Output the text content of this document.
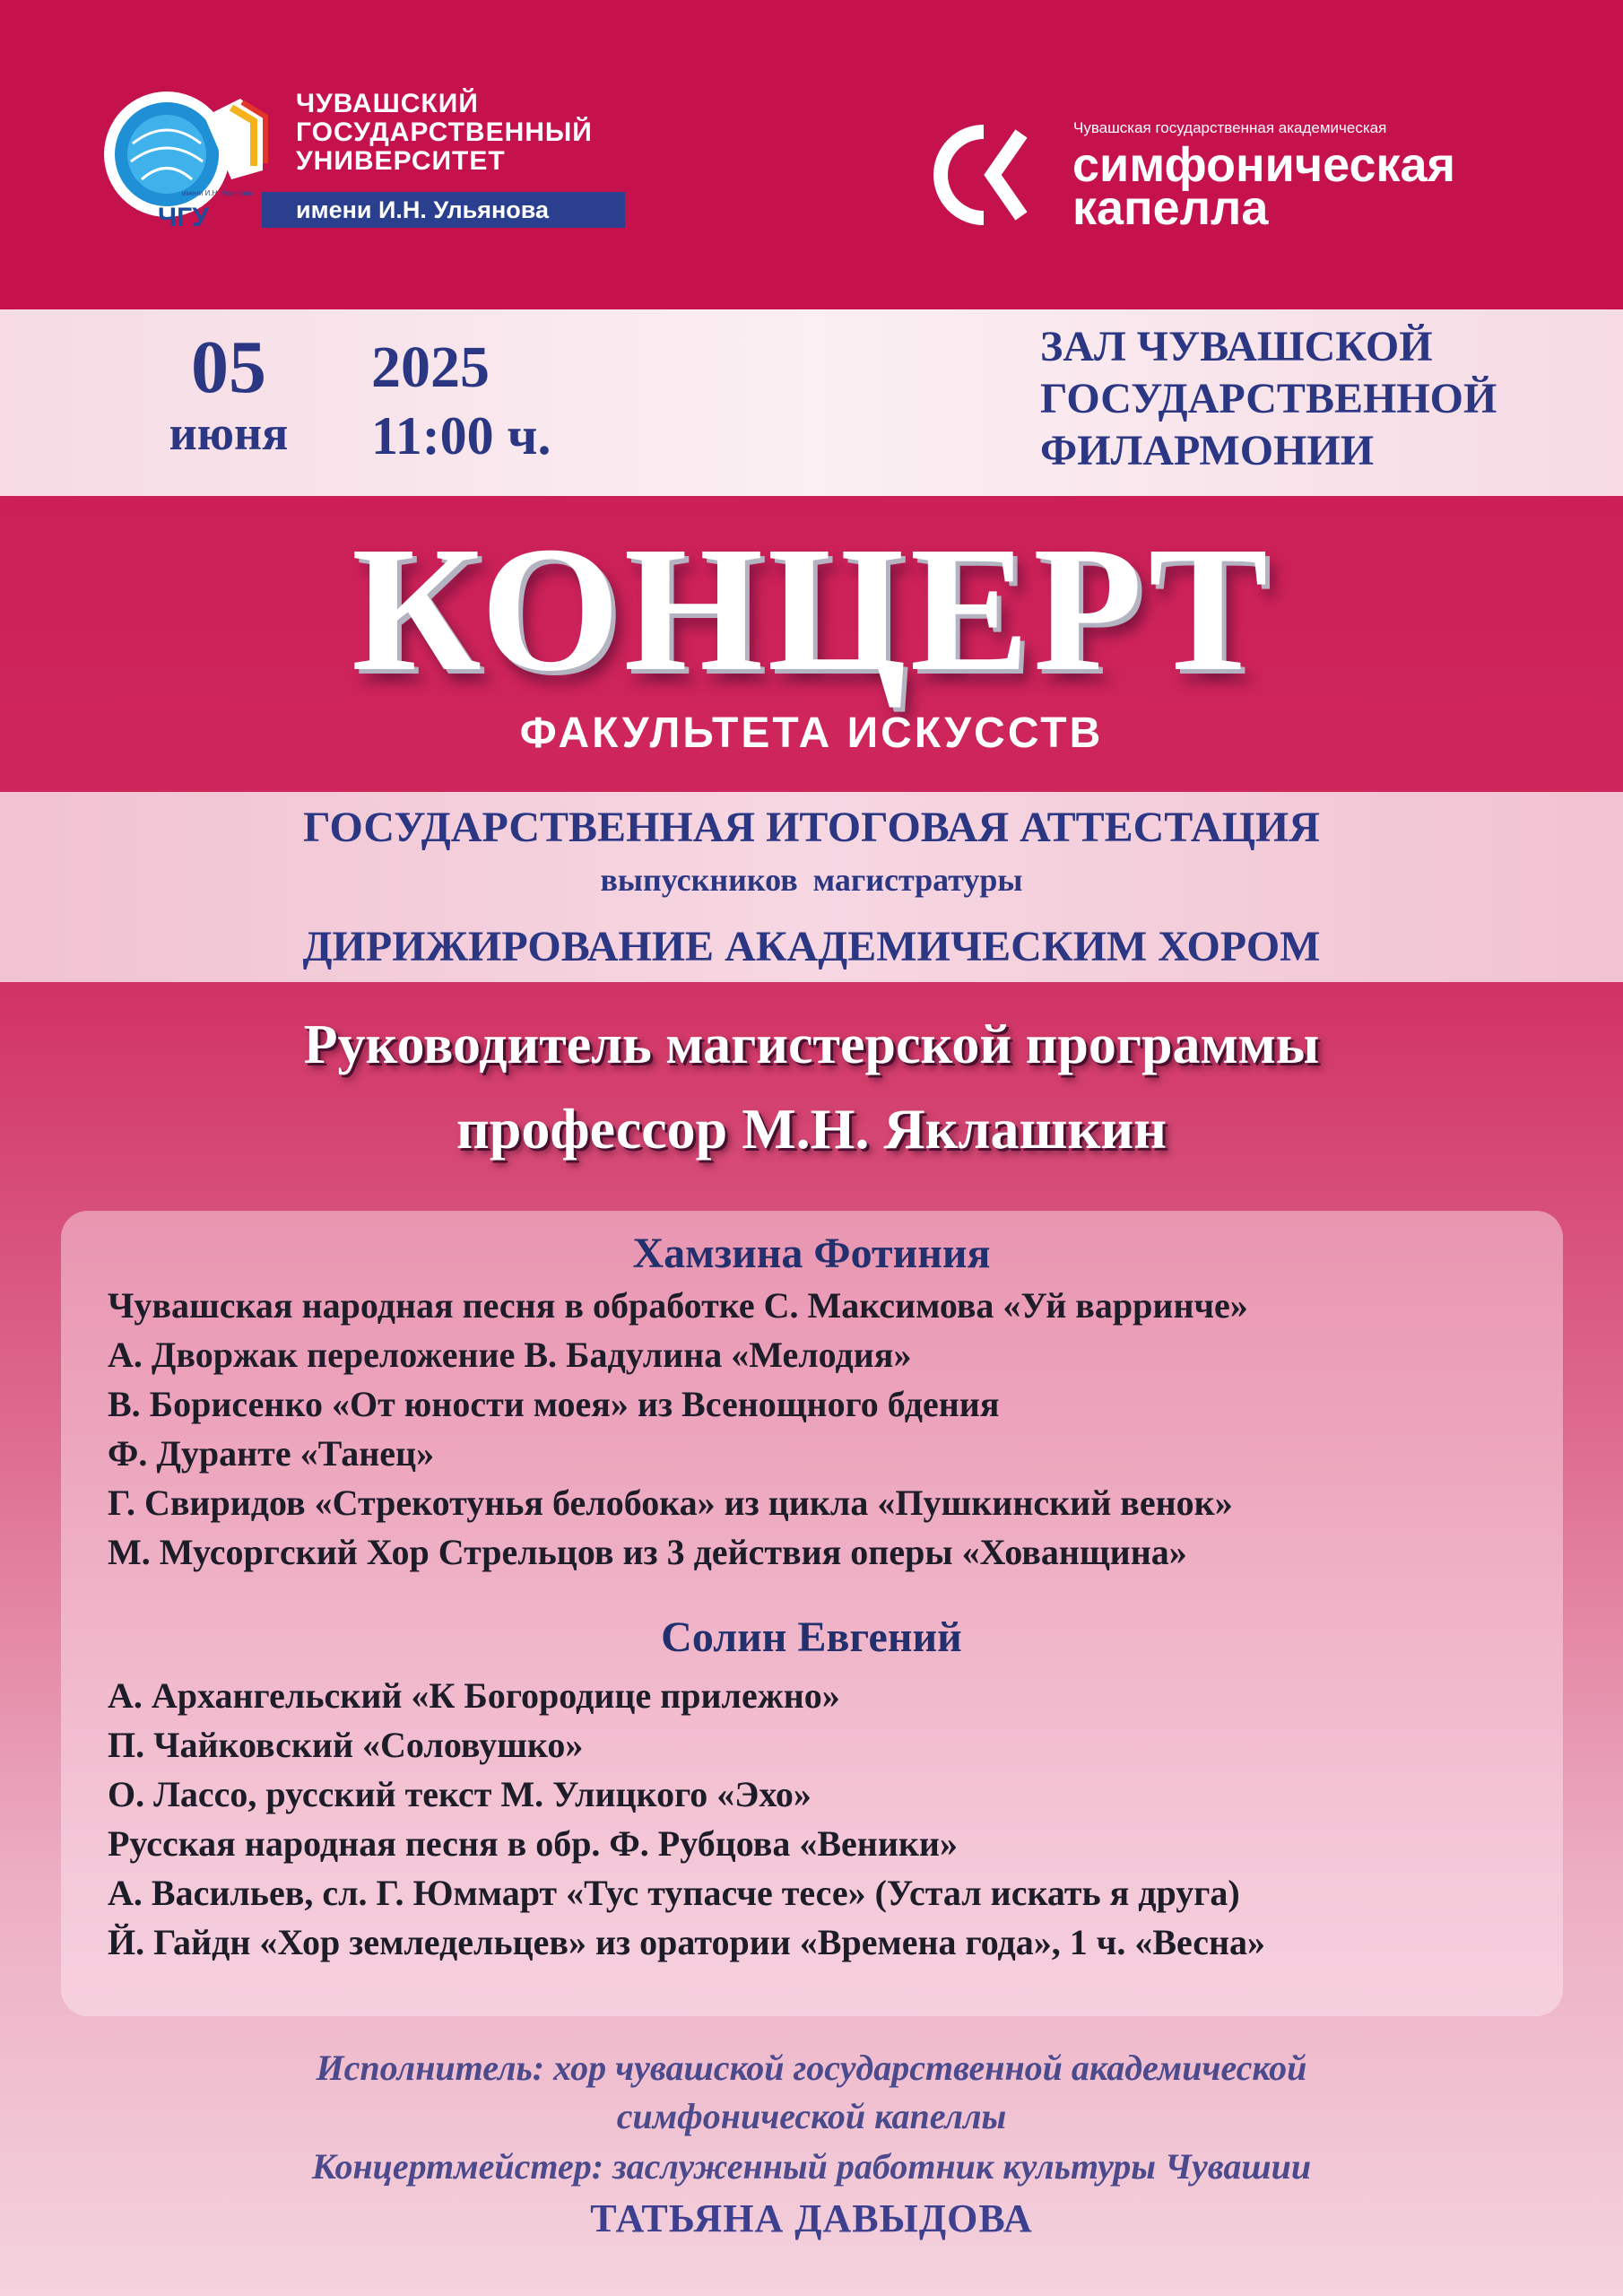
ЧГУ
имени И.Н. Ульянова
ЧУВАШСКИЙ
ГОСУДАРСТВЕННЫЙ
УНИВЕРСИТЕТ
имени И.Н. Ульянова
Чувашская государственная академическая
симфоническая
капелла
05
июня
2025
11:00 ч.
ЗАЛ ЧУВАШСКОЙ
ГОСУДАРСТВЕННОЙ
ФИЛАРМОНИИ
КОНЦЕРТ
ФАКУЛЬТЕТА ИСКУССТВ
ГОСУДАРСТВЕННАЯ ИТОГОВАЯ АТТЕСТАЦИЯ
выпускников магистратуры
ДИРИЖИРОВАНИЕ АКАДЕМИЧЕСКИМ ХОРОМ
Руководитель магистерской программы
профессор М.Н. Яклашкин
Хамзина Фотиния
Чувашская народная песня в обработке С. Максимова «Уй варринче»
А. Дворжак переложение В. Бадулина «Мелодия»
В. Борисенко «От юности моея» из Всенощного бдения
Ф. Дуранте «Танец»
Г. Свиридов «Стрекотунья белобока» из цикла «Пушкинский венок»
М. Мусоргский Хор Стрельцов из 3 действия оперы «Хованщина»
Солин Евгений
А. Архангельский «К Богородице прилежно»
П. Чайковский «Соловушко»
О. Лассо, русский текст М. Улицкого «Эхо»
Русская народная песня в обр. Ф. Рубцова «Веники»
А. Васильев, сл. Г. Юммарт «Тус тупасче тесе» (Устал искать я друга)
Й. Гайдн «Хор земледельцев» из оратории «Времена года», 1 ч. «Весна»
Исполнитель: хор чувашской государственной академической
симфонической капеллы
Концертмейстер: заслуженный работник культуры Чувашии
ТАТЬЯНА ДАВЫДОВА
